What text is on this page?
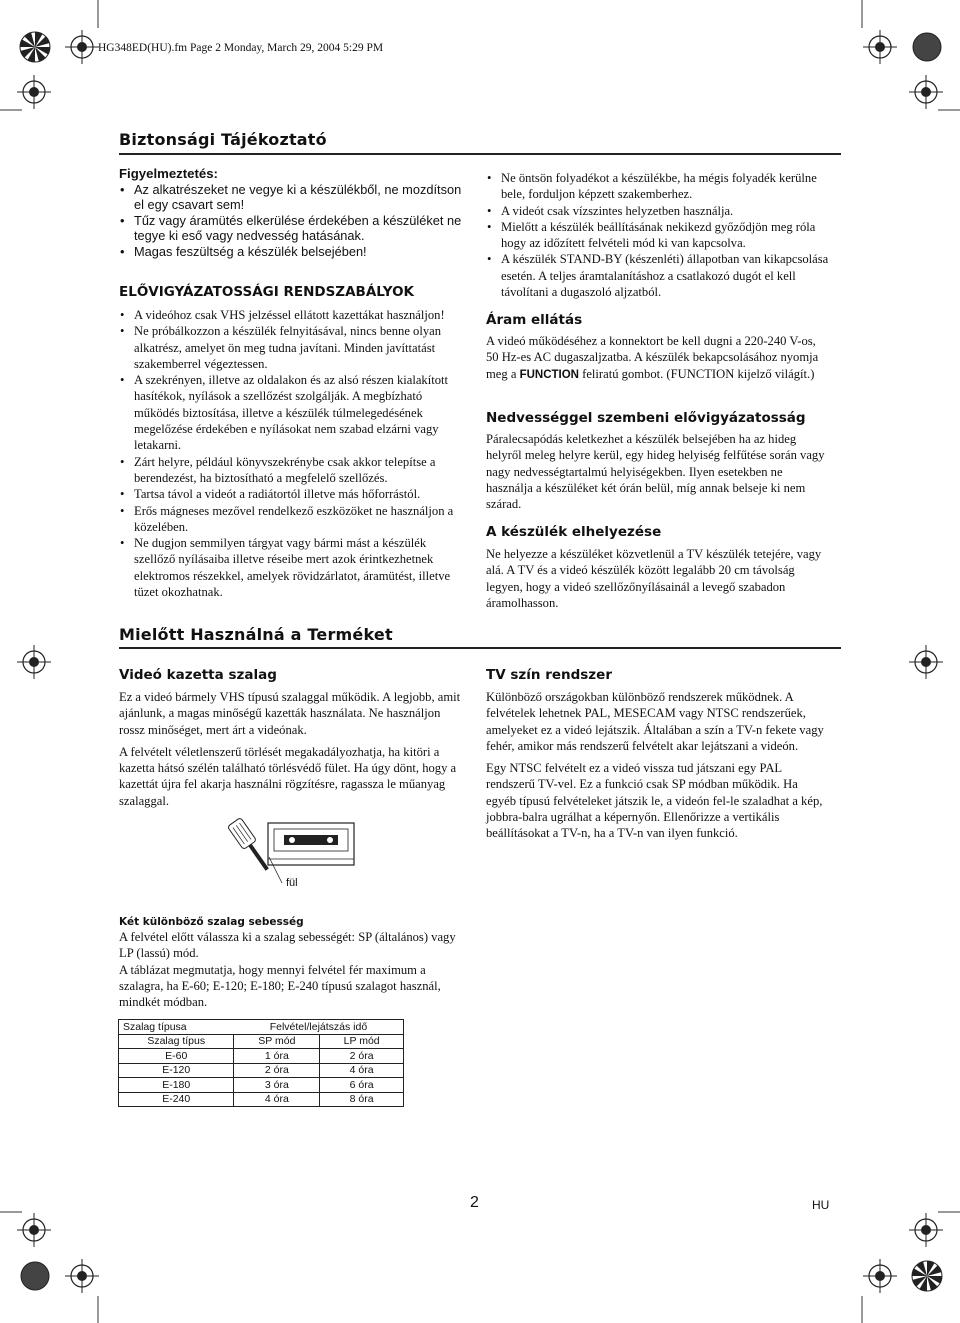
HG348ED(HU).fm Page 2 Monday, March 29, 2004 5:29 PM
Biztonsági Tájékoztató
Figyelmeztetés:
• Az alkatrészeket ne vegye ki a készülékből, ne mozdítson el egy csavart sem!
• Tűz vagy áramütés elkerülése érdekében a készüléket ne tegye ki eső vagy nedvesség hatásának.
• Magas feszültség a készülék belsejében!
ELŐVIGYÁZATOSSÁGI RENDSZABÁLYOK
• A videóhoz csak VHS jelzéssel ellátott kazettákat használjon!
• Ne próbálkozzon a készülék felnyitásával, nincs benne olyan alkatrész, amelyet ön meg tudna javítani. Minden javíttatást szakemberrel végeztessen.
• A szekrényen, illetve az oldalakon és az alsó részen kialakított hasítékok, nyílások a szellőzést szolgálják. A megbízható működés biztosítása, illetve a készülék túlmelegedésének megelőzése érdekében e nyílásokat nem szabad elzárni vagy letakarni.
• Zárt helyre, például könyvszekrénybe csak akkor telepítse a berendezést, ha biztosítható a megfelelő szellőzés.
• Tartsa távol a videót a radiátortól illetve más hőforrástól.
• Erős mágneses mezővel rendelkező eszközöket ne használjon a közelében.
• Ne dugjon semmilyen tárgyat vagy bármi mást a készülék szellőző nyílásaiba illetve réseibe mert azok érintkezhetnek elektromos részekkel, amelyek rövidzárlatot, áramütést, illetve tüzet okozhatnak.
• Ne öntsön folyadékot a készülékbe, ha mégis folyadék kerülne bele, forduljon képzett szakemberhez.
• A videót csak vízszintes helyzetben használja.
• Mielőtt a készülék beállításának nekikezd győződjön meg róla hogy az időzített felvételi mód ki van kapcsolva.
• A készülék STAND-BY (készenléti) állapotban van kikapcsolása esetén. A teljes áramtalanításhoz a csatlakozó dugót el kell távolítani a dugaszoló aljzatból.
Áram ellátás
A videó működéséhez a konnektort be kell dugni a 220-240 V-os, 50 Hz-es AC dugaszaljzatba. A készülék bekapcsolásához nyomja meg a FUNCTION feliratú gombot. (FUNCTION kijelző világít.)
Nedvességgel szembeni elővigyázatosság
Páralecsapódás keletkezhet a készülék belsejében ha az hideg helyről meleg helyre kerül, egy hideg helyiség felfűtése során vagy nagy nedvességtartalmú helyiségekben. Ilyen esetekben ne használja a készüléket két órán belül, míg annak belseje ki nem szárad.
A készülék elhelyezése
Ne helyezze a készüléket közvetlenül a TV készülék tetejére, vagy alá. A TV és a videó készülék között legalább 20 cm távolság legyen, hogy a videó szellőzőnyílásainál a levegő szabadon áramolhasson.
Mielőtt Használná a Terméket
Videó kazetta szalag

Ez a videó bármely VHS típusú szalaggal működik. A legjobb, amit ajánlunk, a magas minőségű kazetták használata. Ne használjon rossz minőséget, mert árt a videónak.

A felvételt véletlenszerű törlését megakadályozhatja, ha kitöri a kazetta hátsó szélén található törlésvédő fület. Ha úgy dönt, hogy a kazettát újra fel akarja használni rögzítésre, ragassza le műanyag szalaggal.

fül
TV szín rendszer

Különböző országokban különböző rendszerek működnek. A felvételek lehetnek PAL, MESECAM vagy NTSC rendszerűek, amelyeket ez a videó lejátszik. Általában a szín a TV-n fekete vagy fehér, amikor más rendszerű felvételt akar lejátszani a videón.

Egy NTSC felvételt ez a videó vissza tud játszani egy PAL rendszerű TV-vel. Ez a funkció csak SP módban működik. Ha egyéb típusú felvételeket játszik le, a videón fel-le szaladhat a kép, jobbra-balra ugrálhat a képernyőn. Ellenőrizze a vertikális beállításokat a TV-n, ha a TV-n van ilyen funkció.

Két különböző szalag sebesség
A felvétel előtt válassza ki a szalag sebességét: SP (általános) vagy LP (lassú) mód.
A táblázat megmutatja, hogy mennyi felvétel fér maximum a szalagra, ha E-60; E-120; E-180; E-240 típusú szalagot használ, mindkét módban.
Szalag típusa	Felvétel/lejátszás idő	
Szalag típus	SP mód	LP mód
E-60	1 óra	2 óra
E-120	2 óra	4 óra
E-180	3 óra	6 óra
E-240	4 óra	8 óra
2	HU
